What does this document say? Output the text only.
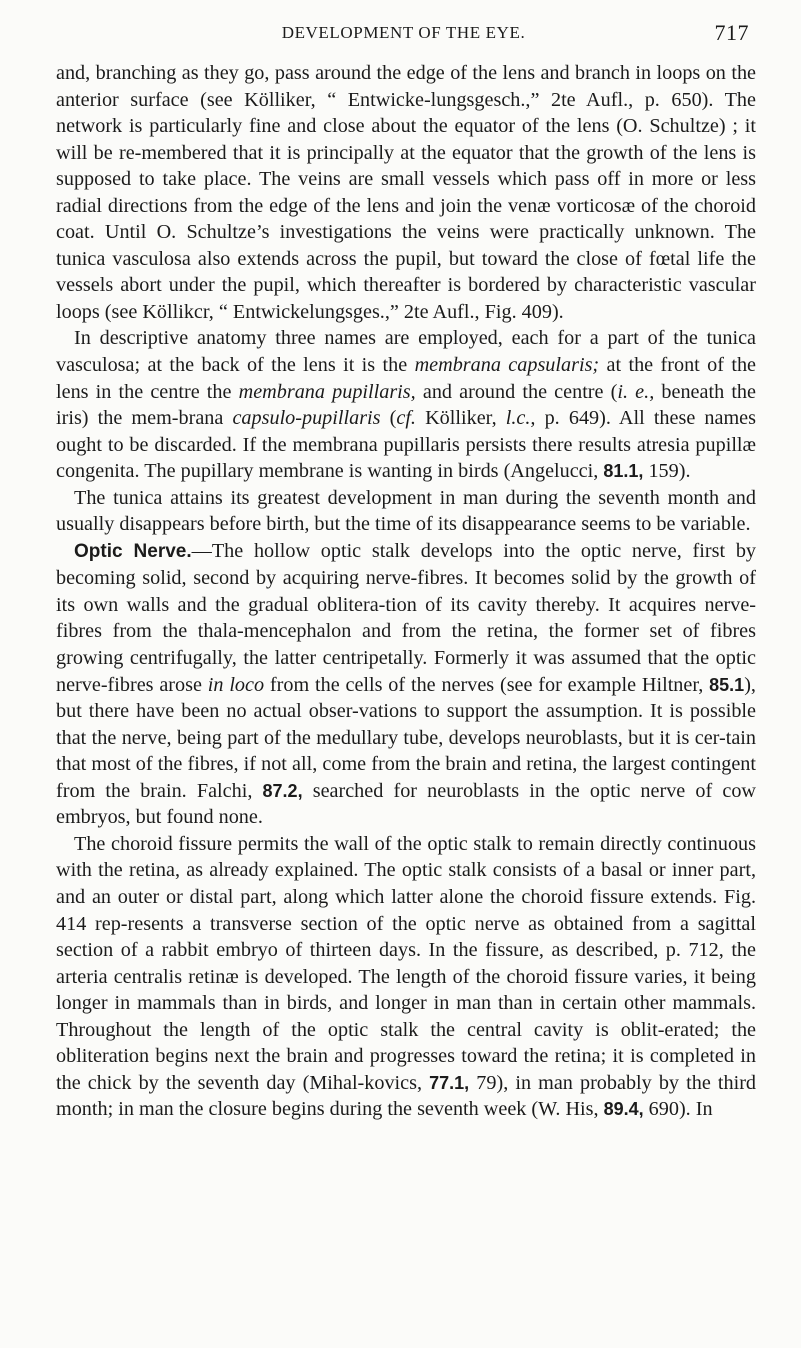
DEVELOPMENT OF THE EYE.	717

and, branching as they go, pass around the edge of the lens and branch in loops on the anterior surface (see Kölliker, “ Entwicke-lungsgesch.,” 2te Aufl., p. 650). The network is particularly fine and close about the equator of the lens (O. Schultze) ; it will be re-membered that it is principally at the equator that the growth of the lens is supposed to take place. The veins are small vessels which pass off in more or less radial directions from the edge of the lens and join the venæ vorticosæ of the choroid coat. Until O. Schultze’s investigations the veins were practically unknown. The tunica vasculosa also extends across the pupil, but toward the close of fœtal life the vessels abort under the pupil, which thereafter is bordered by characteristic vascular loops (see Köllikcr, “ Entwickelungsges.,” 2te Aufl., Fig. 409).

In descriptive anatomy three names are employed, each for a part of the tunica vasculosa; at the back of the lens it is the membrana capsularis; at the front of the lens in the centre the membrana pupillaris, and around the centre (i. e., beneath the iris) the mem-brana capsulo-pupillaris (cf. Kölliker, l.c., p. 649). All these names ought to be discarded. If the membrana pupillaris persists there results atresia pupillæ congenita. The pupillary membrane is wanting in birds (Angelucci, 81.1, 159).

The tunica attains its greatest development in man during the seventh month and usually disappears before birth, but the time of its disappearance seems to be variable.

Optic Nerve.—The hollow optic stalk develops into the optic nerve, first by becoming solid, second by acquiring nerve-fibres. It becomes solid by the growth of its own walls and the gradual oblitera-tion of its cavity thereby. It acquires nerve-fibres from the thala-mencephalon and from the retina, the former set of fibres growing centrifugally, the latter centripetally. Formerly it was assumed that the optic nerve-fibres arose in loco from the cells of the nerves (see for example Hiltner, 85.1), but there have been no actual obser-vations to support the assumption. It is possible that the nerve, being part of the medullary tube, develops neuroblasts, but it is cer-tain that most of the fibres, if not all, come from the brain and retina, the largest contingent from the brain. Falchi, 87.2, searched for neuroblasts in the optic nerve of cow embryos, but found none.

The choroid fissure permits the wall of the optic stalk to remain directly continuous with the retina, as already explained. The optic stalk consists of a basal or inner part, and an outer or distal part, along which latter alone the choroid fissure extends. Fig. 414 rep-resents a transverse section of the optic nerve as obtained from a sagittal section of a rabbit embryo of thirteen days. In the fissure, as described, p. 712, the arteria centralis retinæ is developed. The length of the choroid fissure varies, it being longer in mammals than in birds, and longer in man than in certain other mammals. Throughout the length of the optic stalk the central cavity is oblit-erated; the obliteration begins next the brain and progresses toward the retina; it is completed in the chick by the seventh day (Mihal-kovics, 77.1, 79), in man probably by the third month; in man the closure begins during the seventh week (W. His, 89.4, 690). In
